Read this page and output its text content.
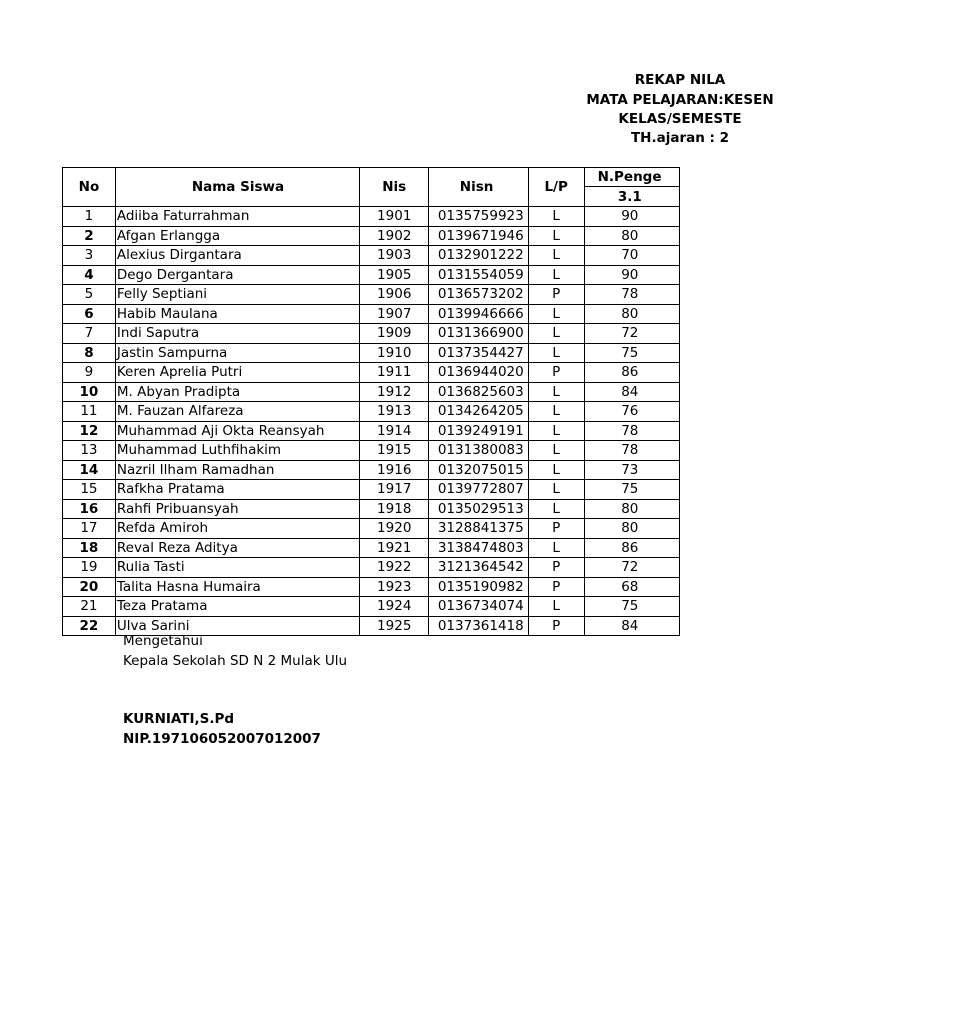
REKAP NILA
MATA PELAJARAN:KESEN
KELAS/SEMESTE
TH.ajaran : 2
No	Nama Siswa	Nis	Nisn	L/P	N.Penge
					3.1
1	Adiiba Faturrahman	1901	0135759923	L	90
2	Afgan Erlangga	1902	0139671946	L	80
3	Alexius Dirgantara	1903	0132901222	L	70
4	Dego Dergantara	1905	0131554059	L	90
5	Felly Septiani	1906	0136573202	P	78
6	Habib Maulana	1907	0139946666	L	80
7	Indi Saputra	1909	0131366900	L	72
8	Jastin Sampurna	1910	0137354427	L	75
9	Keren Aprelia Putri	1911	0136944020	P	86
10	M. Abyan Pradipta	1912	0136825603	L	84
11	M. Fauzan Alfareza	1913	0134264205	L	76
12	Muhammad Aji Okta Reansyah	1914	0139249191	L	78
13	Muhammad Luthfihakim	1915	0131380083	L	78
14	Nazril Ilham Ramadhan	1916	0132075015	L	73
15	Rafkha Pratama	1917	0139772807	L	75
16	Rahfi Pribuansyah	1918	0135029513	L	80
17	Refda Amiroh	1920	3128841375	P	80
18	Reval Reza Aditya	1921	3138474803	L	86
19	Rulia Tasti	1922	3121364542	P	72
20	Talita Hasna Humaira	1923	0135190982	P	68
21	Teza Pratama	1924	0136734074	L	75
22	Ulva Sarini	1925	0137361418	P	84
Mengetahui
Kepala Sekolah SD N 2 Mulak Ulu
KURNIATI,S.Pd
NIP.197106052007012007
